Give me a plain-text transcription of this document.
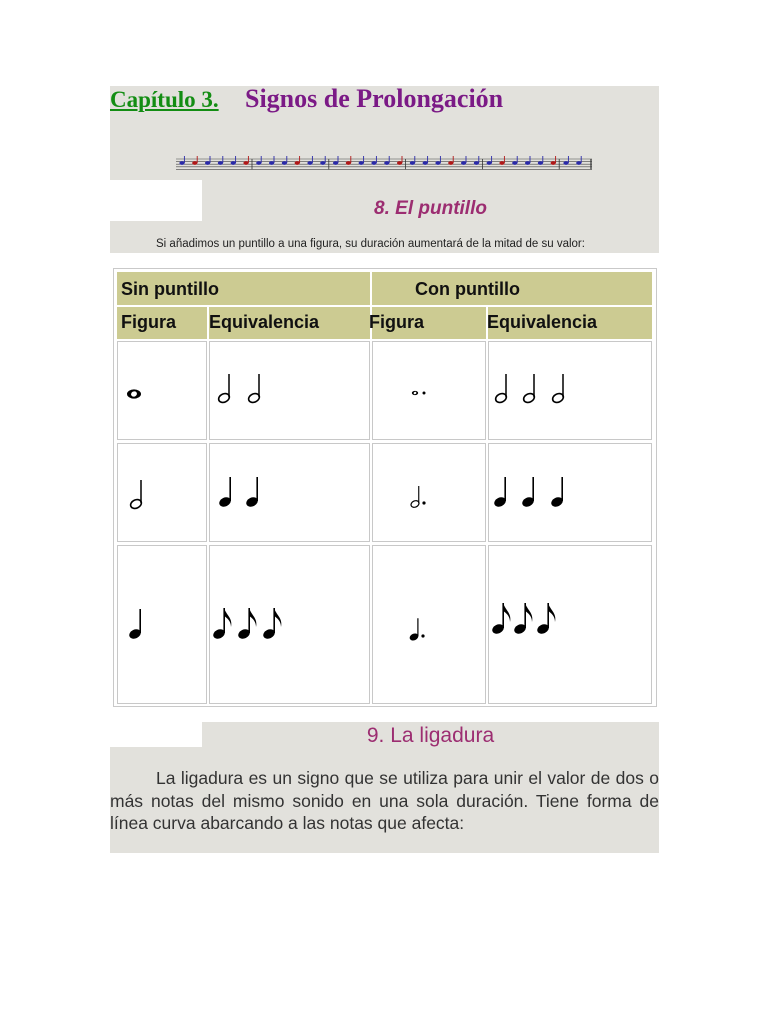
Capítulo 3. Signos de Prolongación
8. El puntillo
Si añadimos un puntillo a una figura, su duración aumentará de la mitad de su valor:
Sin puntillo	Con puntillo
Figura Equivalencia	Figura	Equivalencia
9. La ligadura
La ligadura es un signo que se utiliza para unir el valor de dos o más notas del mismo sonido en una sola duración. Tiene forma de línea curva abarcando a las notas que afecta:
